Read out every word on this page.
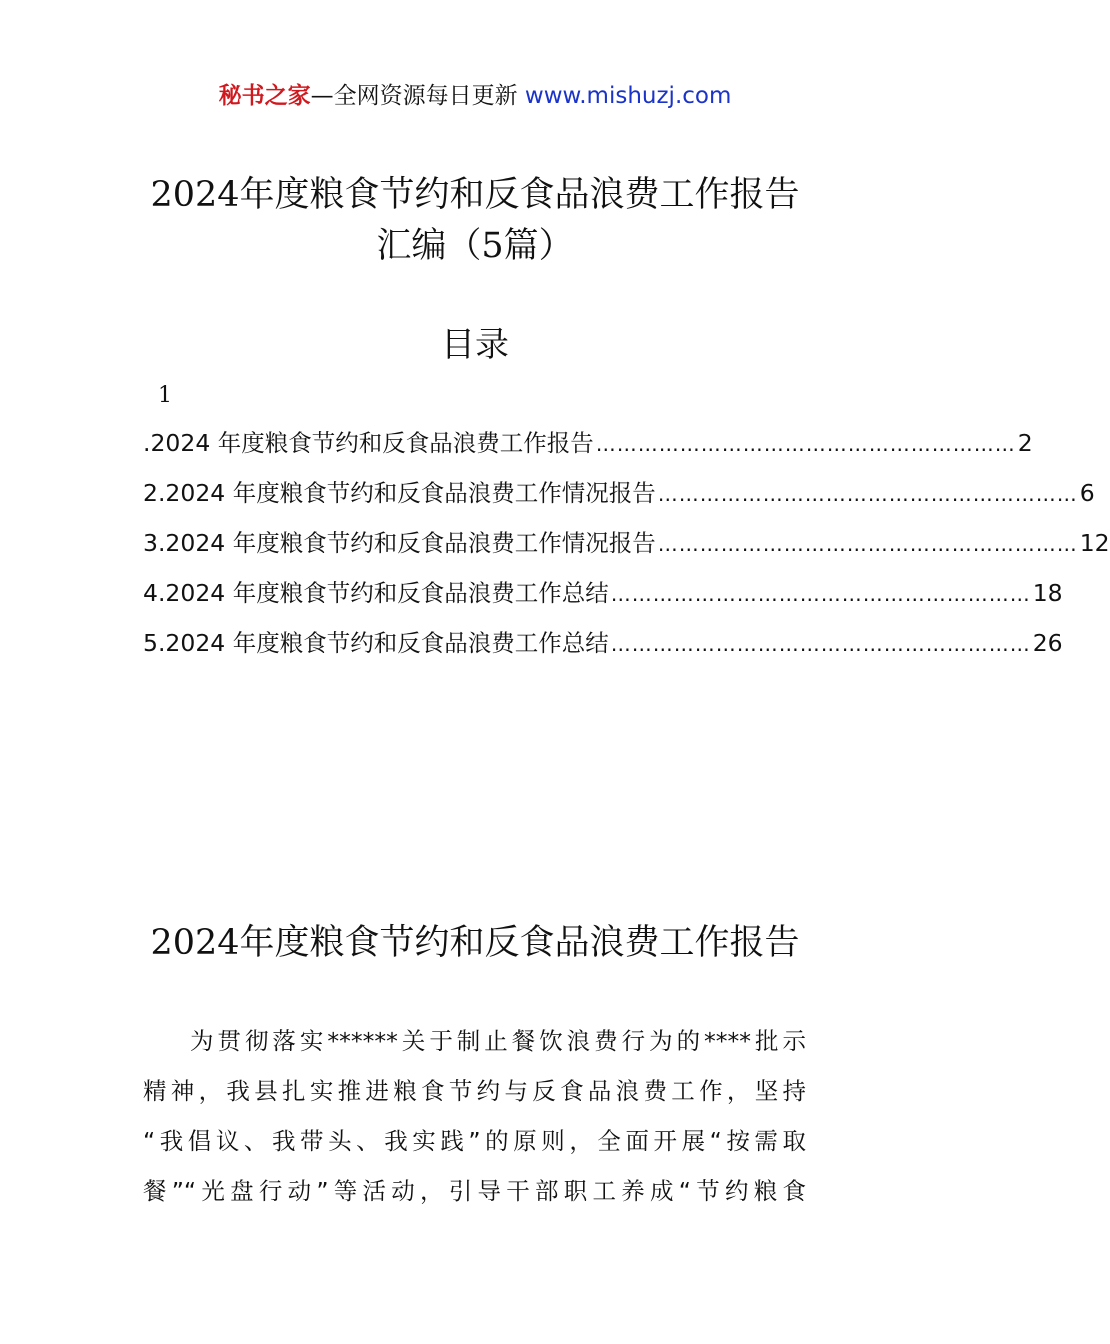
秘书之家—全网资源每日更新 www.mishuzj.com
2024年度粮食节约和反食品浪费工作报告
汇编（5篇）
目录
1
. 2024 年度粮食节约和反食品浪费工作报告 …………………………………………………… 2
2. 2024 年度粮食节约和反食品浪费工作情况报告 …………………………………………………… 6
3. 2024 年度粮食节约和反食品浪费工作情况报告 …………………………………………………… 12
4. 2024 年度粮食节约和反食品浪费工作总结 …………………………………………………… 18
5. 2024 年度粮食节约和反食品浪费工作总结 …………………………………………………… 26
2024年度粮食节约和反食品浪费工作报告

为贯彻落实******关于制止餐饮浪费行为的****批示
精神，我县扎实推进粮食节约与反食品浪费工作，坚持
“我倡议、我带头、我实践”的原则，全面开展“按需取
餐”“光盘行动”等活动，引导干部职工养成“节约粮食
